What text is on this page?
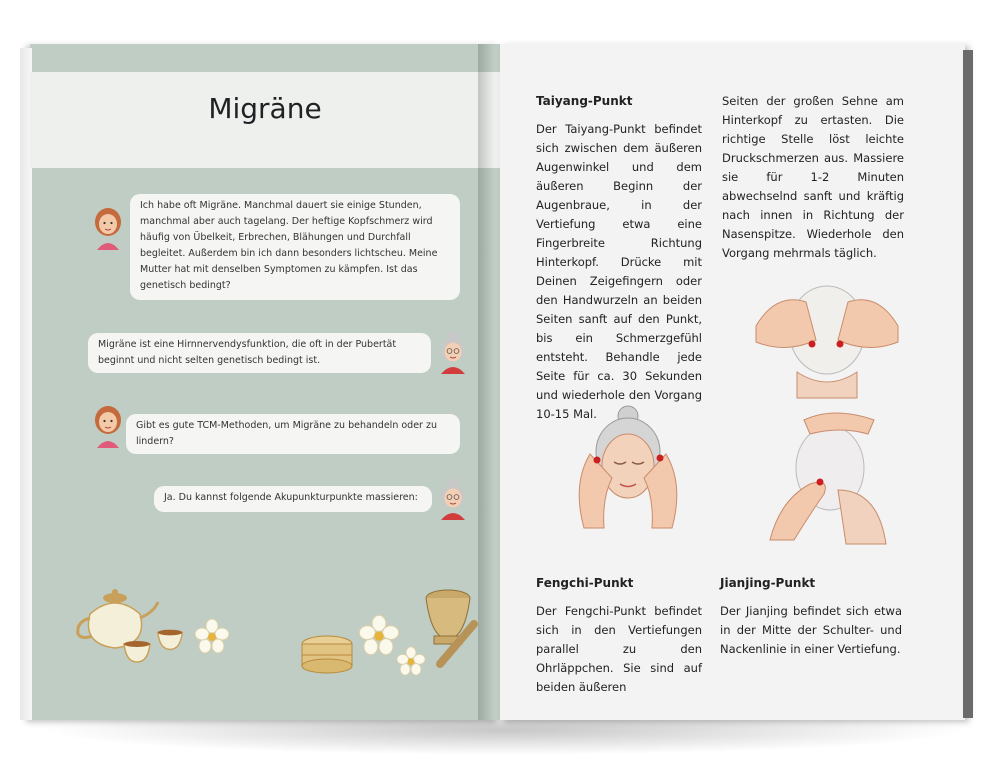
Migräne
Ich habe oft Migräne. Manchmal dauert sie einige Stunden, manchmal aber auch tagelang. Der heftige Kopfschmerz wird häufig von Übelkeit, Erbrechen, Blähungen und Durchfall begleitet. Außerdem bin ich dann besonders lichtscheu. Meine Mutter hat mit denselben Symptomen zu kämpfen. Ist das genetisch bedingt?
Migräne ist eine Hirnnervendysfunktion, die oft in der Pubertät beginnt und nicht selten genetisch bedingt ist.
Gibt es gute TCM-Methoden, um Migräne zu behandeln oder zu lindern?
Ja. Du kannst folgende Akupunkturpunkte massieren:
Taiyang-Punkt
Der Taiyang-Punkt befindet sich zwischen dem äußeren Augenwinkel und dem äußeren Beginn der Augenbraue, in der Vertiefung etwa eine Fingerbreite Richtung Hinterkopf. Drücke mit Deinen Zeigefingern oder den Handwurzeln an beiden Seiten sanft auf den Punkt, bis ein Schmerzgefühl entsteht. Behandle jede Seite für ca. 30 Sekunden und wiederhole den Vorgang 10-15 Mal.
Seiten der großen Sehne am Hinterkopf zu ertasten. Die richtige Stelle löst leichte Druckschmerzen aus. Massiere sie für 1-2 Minuten abwechselnd sanft und kräftig nach innen in Richtung der Nasenspitze. Wiederhole den Vorgang mehrmals täglich.
Fengchi-Punkt
Der Fengchi-Punkt befindet sich in den Vertiefungen parallel zu den Ohrläppchen. Sie sind auf beiden äußeren
Jianjing-Punkt
Der Jianjing befindet sich etwa in der Mitte der Schulter- und Nackenlinie in einer Vertiefung.
